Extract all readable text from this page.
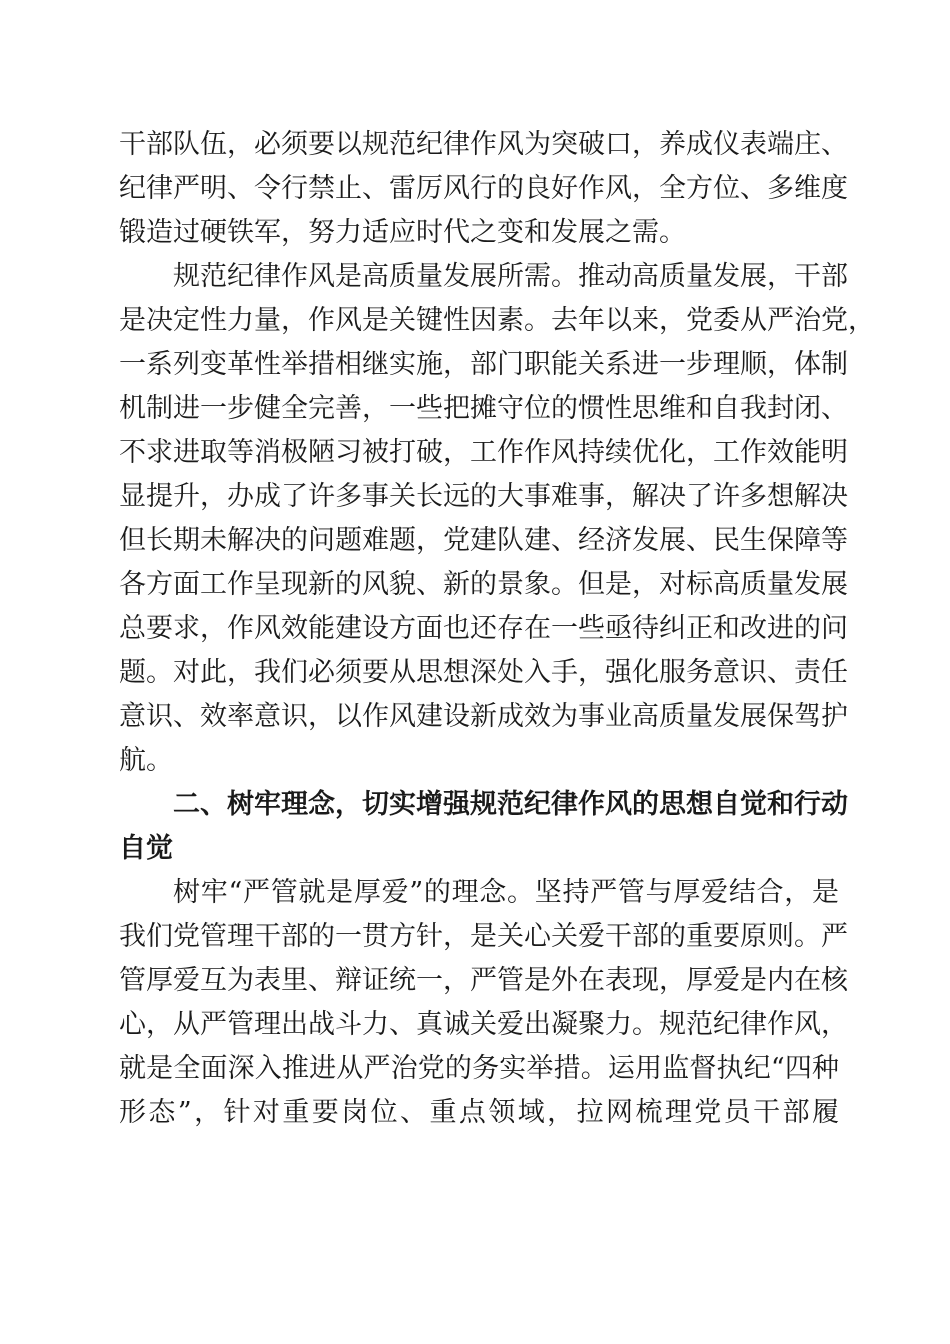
干部队伍，必须要以规范纪律作风为突破口，养成仪表端庄、
纪律严明、令行禁止、雷厉风行的良好作风，全方位、多维度
锻造过硬铁军，努力适应时代之变和发展之需。
规范纪律作风是高质量发展所需。推动高质量发展，干部
是决定性力量，作风是关键性因素。去年以来，党委从严治党，
一系列变革性举措相继实施，部门职能关系进一步理顺，体制
机制进一步健全完善，一些把摊守位的惯性思维和自我封闭、
不求进取等消极陋习被打破，工作作风持续优化，工作效能明
显提升，办成了许多事关长远的大事难事，解决了许多想解决
但长期未解决的问题难题，党建队建、经济发展、民生保障等
各方面工作呈现新的风貌、新的景象。但是，对标高质量发展
总要求，作风效能建设方面也还存在一些亟待纠正和改进的问
题。对此，我们必须要从思想深处入手，强化服务意识、责任
意识、效率意识，以作风建设新成效为事业高质量发展保驾护
航。
二、树牢理念，切实增强规范纪律作风的思想自觉和行动
自觉
树牢“严管就是厚爱”的理念。坚持严管与厚爱结合，是
我们党管理干部的一贯方针，是关心关爱干部的重要原则。严
管厚爱互为表里、辩证统一，严管是外在表现，厚爱是内在核
心，从严管理出战斗力、真诚关爱出凝聚力。规范纪律作风，
就是全面深入推进从严治党的务实举措。运用监督执纪“四种
形态”，针对重要岗位、重点领域，拉网梳理党员干部履
